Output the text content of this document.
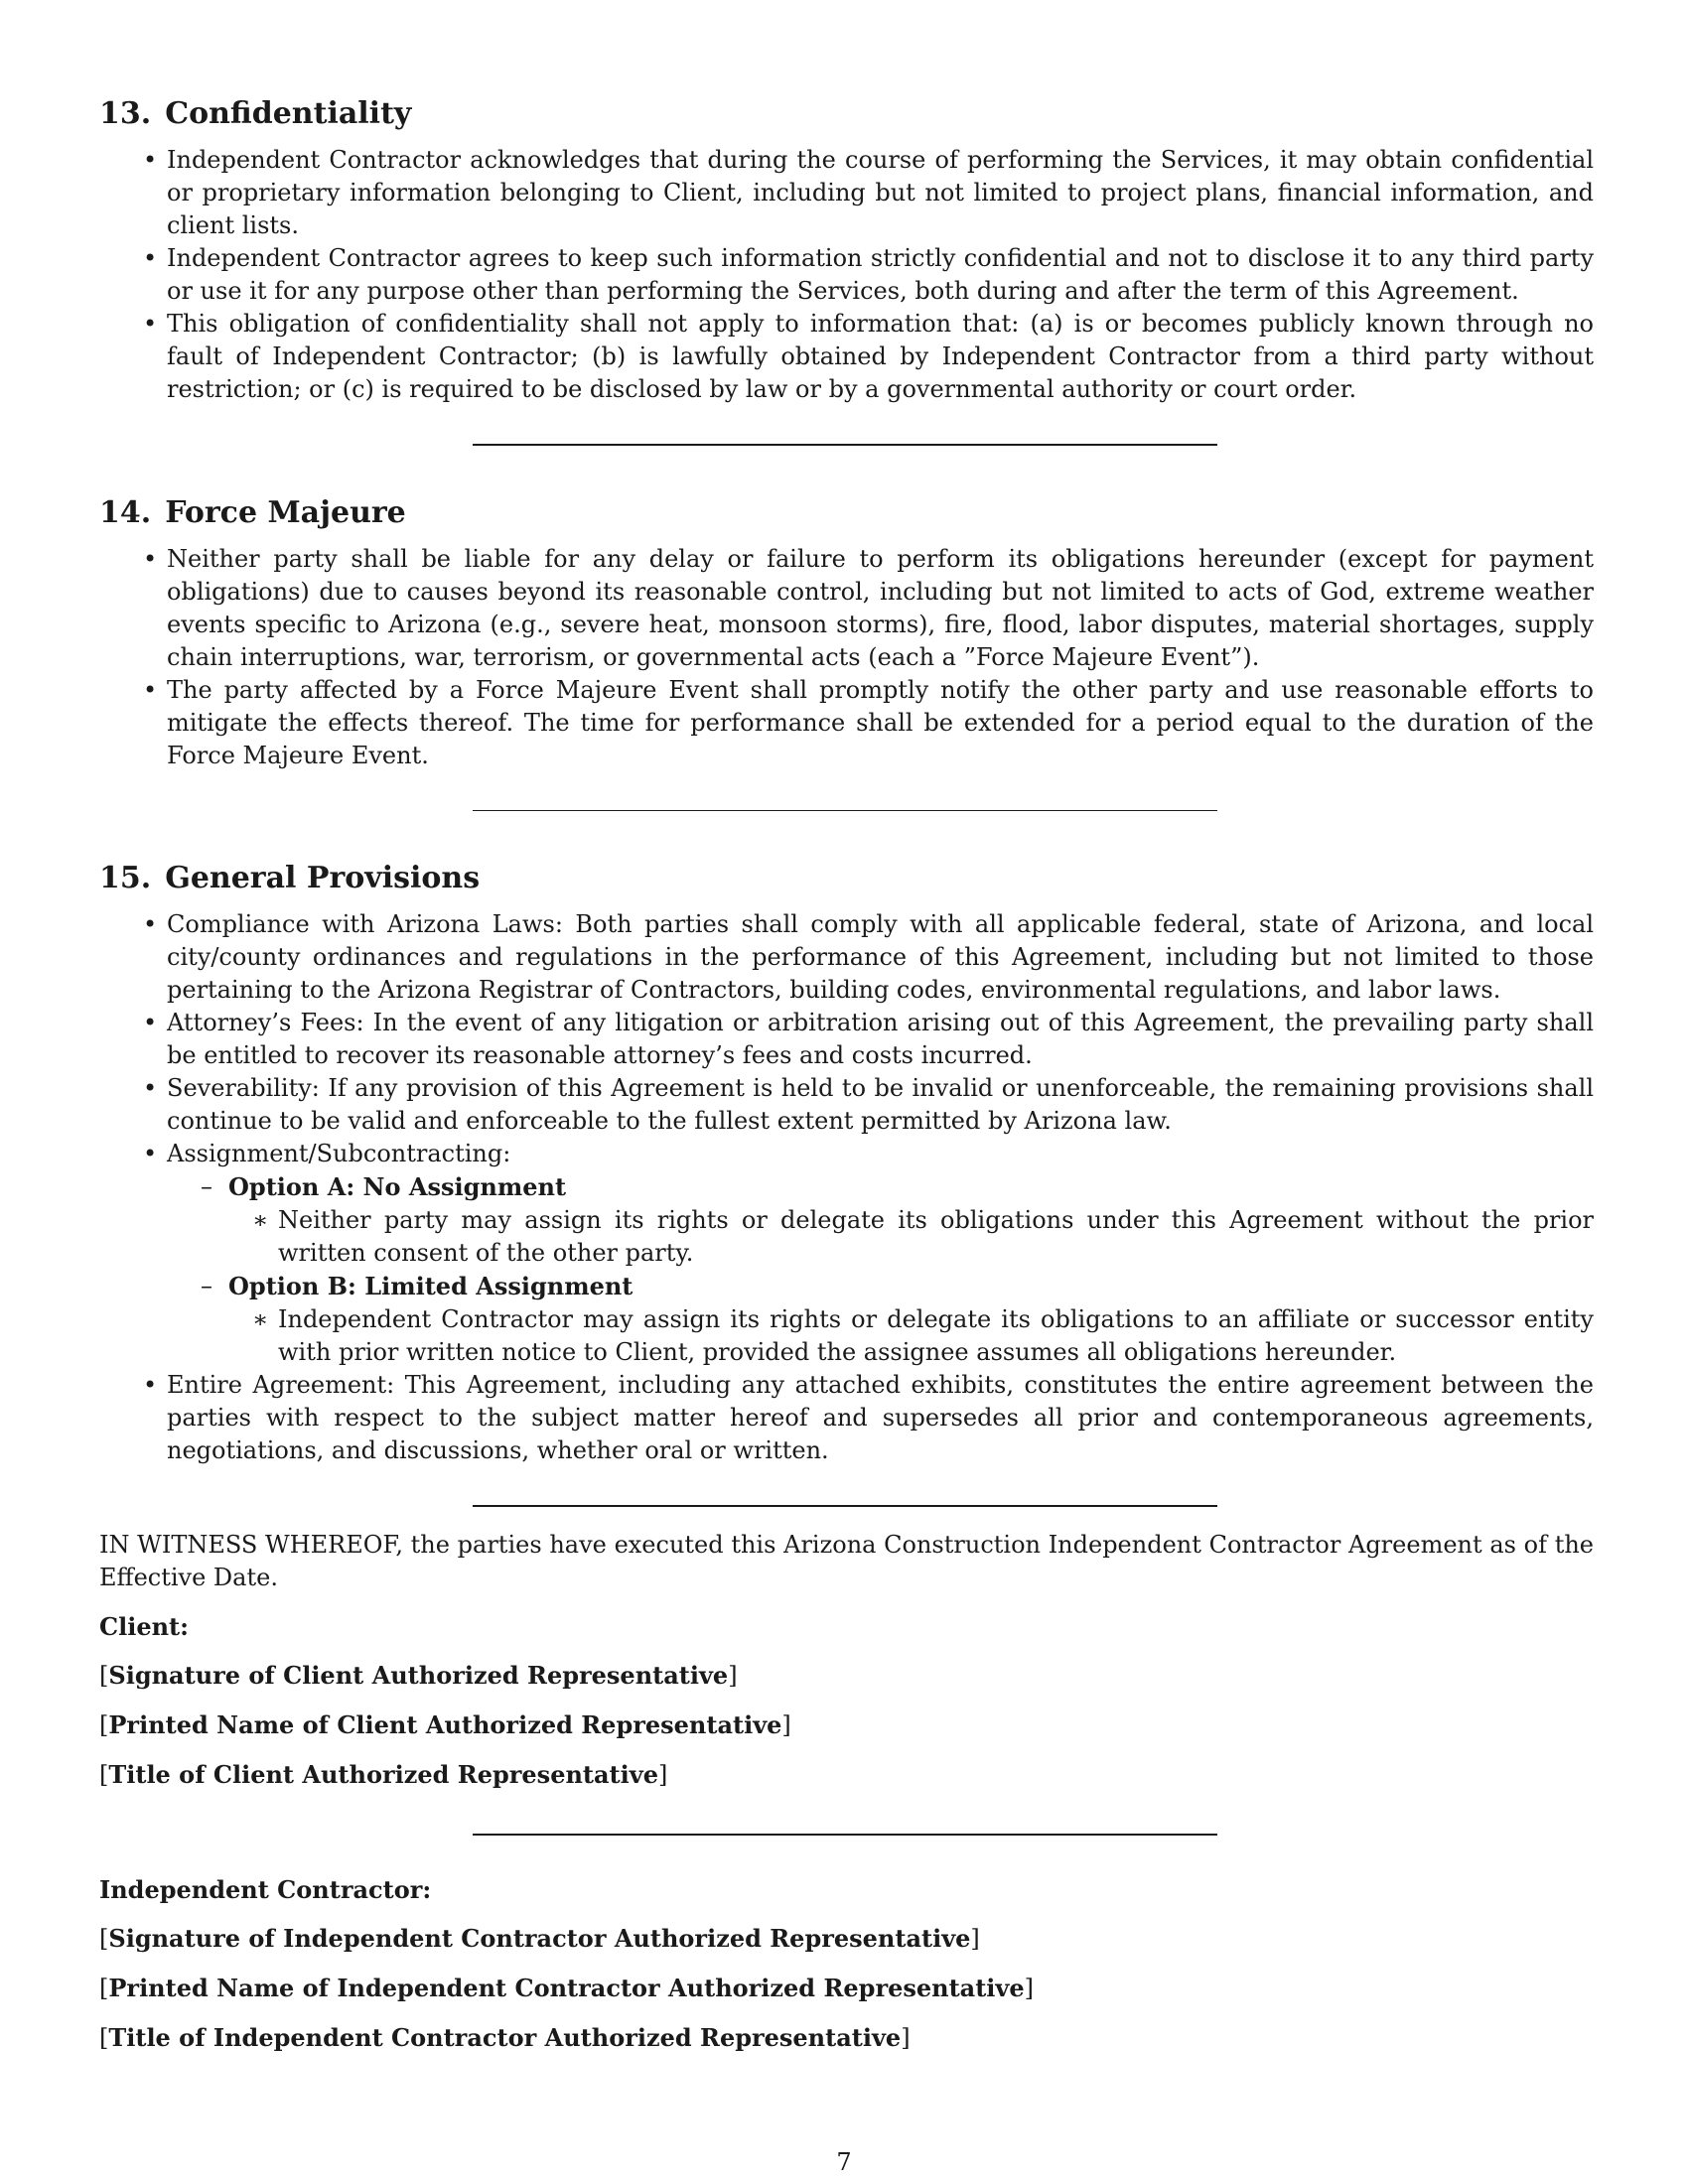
13. Confidentiality
• Independent Contractor acknowledges that during the course of performing the Services, it may obtain confidential or proprietary information belonging to Client, including but not limited to project plans, financial information, and client lists.
• Independent Contractor agrees to keep such information strictly confidential and not to disclose it to any third party or use it for any purpose other than performing the Services, both during and after the term of this Agreement.
• This obligation of confidentiality shall not apply to information that: (a) is or becomes publicly known through no fault of Independent Contractor; (b) is lawfully obtained by Independent Contractor from a third party without restriction; or (c) is required to be disclosed by law or by a governmental authority or court order.
14. Force Majeure
• Neither party shall be liable for any delay or failure to perform its obligations hereunder (except for payment obligations) due to causes beyond its reasonable control, including but not limited to acts of God, extreme weather events specific to Arizona (e.g., severe heat, monsoon storms), fire, flood, labor disputes, material shortages, supply chain interruptions, war, terrorism, or governmental acts (each a ”Force Majeure Event”).
• The party affected by a Force Majeure Event shall promptly notify the other party and use reasonable efforts to mitigate the effects thereof. The time for performance shall be extended for a period equal to the duration of the Force Majeure Event.
15. General Provisions
• Compliance with Arizona Laws: Both parties shall comply with all applicable federal, state of Arizona, and local city/county ordinances and regulations in the performance of this Agreement, including but not limited to those pertaining to the Arizona Registrar of Contractors, building codes, environmental regulations, and labor laws.
• Attorney’s Fees: In the event of any litigation or arbitration arising out of this Agreement, the prevailing party shall be entitled to recover its reasonable attorney’s fees and costs incurred.
• Severability: If any provision of this Agreement is held to be invalid or unenforceable, the remaining provisions shall continue to be valid and enforceable to the fullest extent permitted by Arizona law.
• Assignment/Subcontracting:
– Option A: No Assignment
∗ Neither party may assign its rights or delegate its obligations under this Agreement without the prior written consent of the other party.
– Option B: Limited Assignment
∗ Independent Contractor may assign its rights or delegate its obligations to an affiliate or successor entity with prior written notice to Client, provided the assignee assumes all obligations hereunder.
• Entire Agreement: This Agreement, including any attached exhibits, constitutes the entire agreement between the parties with respect to the subject matter hereof and supersedes all prior and contemporaneous agreements, negotiations, and discussions, whether oral or written.

IN WITNESS WHEREOF, the parties have executed this Arizona Construction Independent Contractor Agreement as of the Effective Date.

Client:

[Signature of Client Authorized Representative]

[Printed Name of Client Authorized Representative]

[Title of Client Authorized Representative]

Independent Contractor:

[Signature of Independent Contractor Authorized Representative]

[Printed Name of Independent Contractor Authorized Representative]

[Title of Independent Contractor Authorized Representative]

7
